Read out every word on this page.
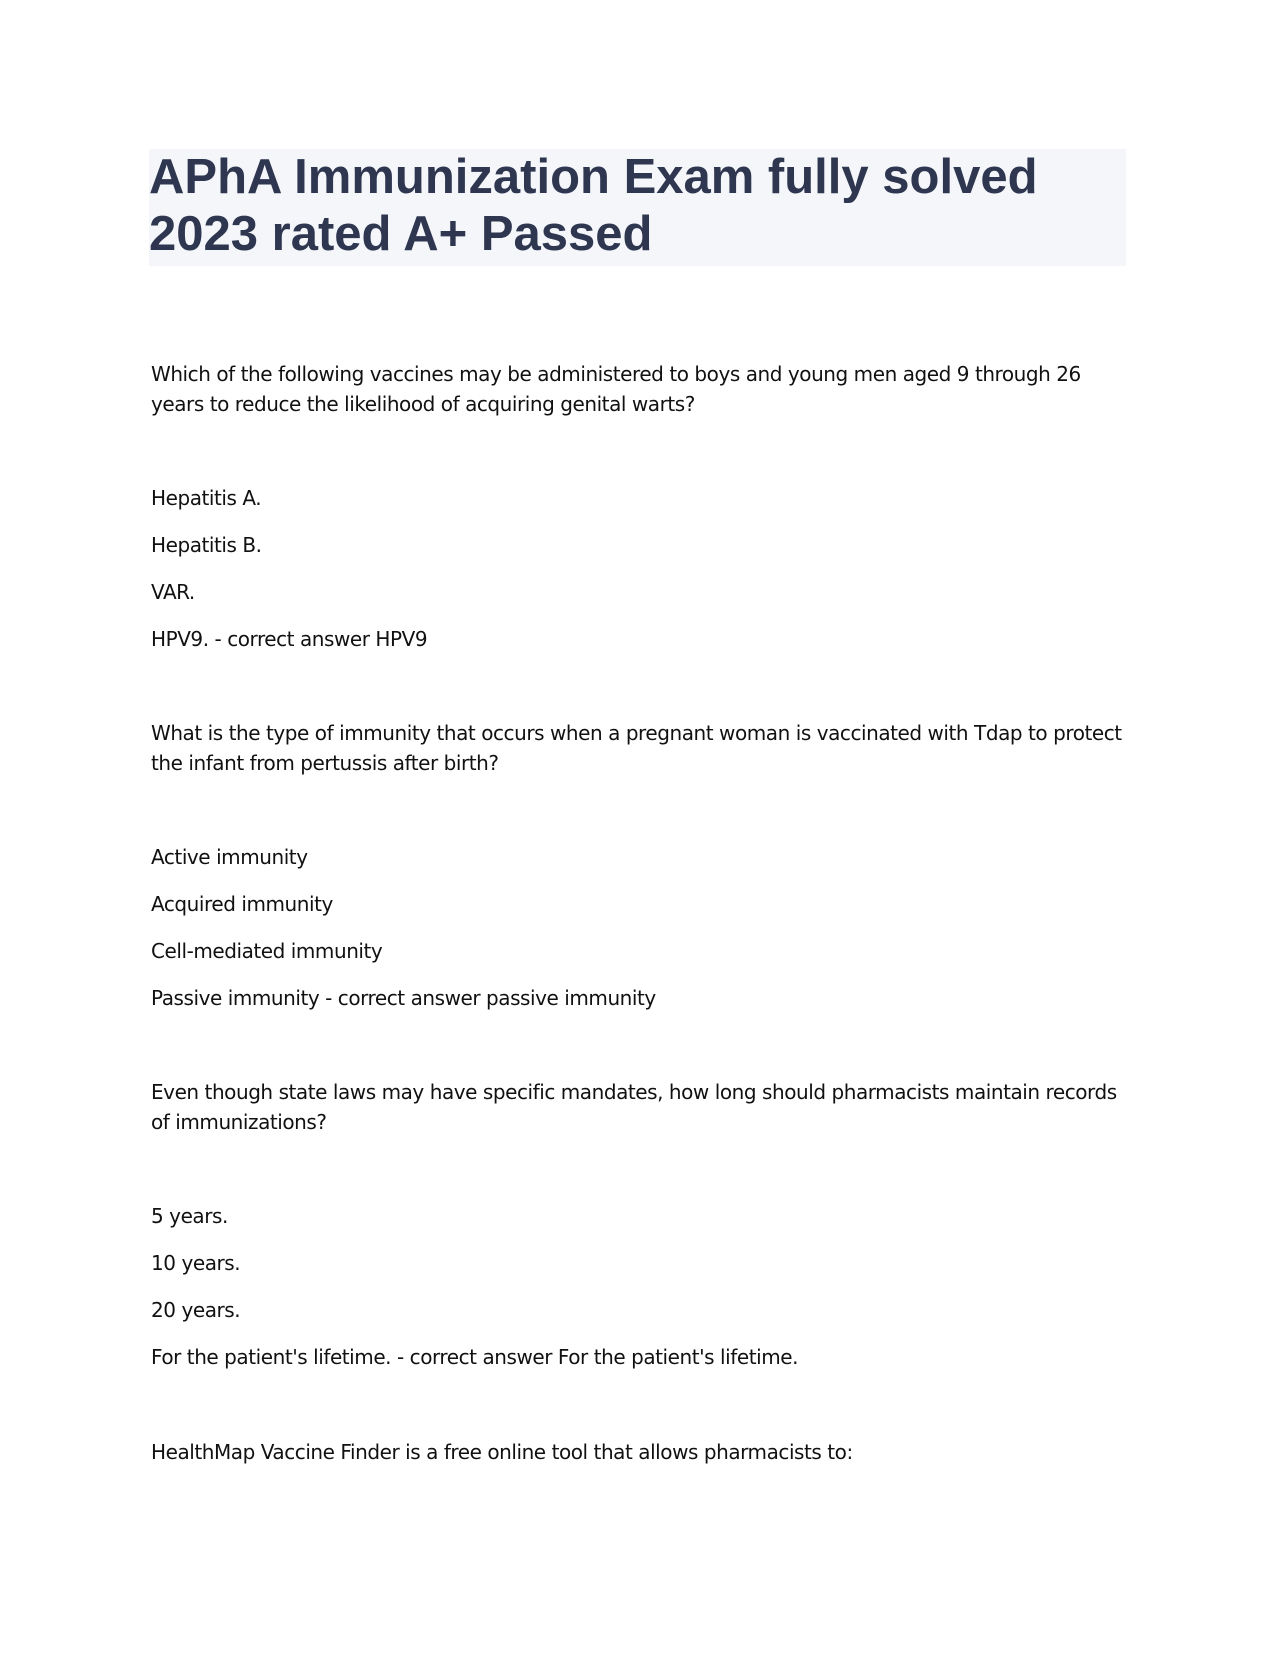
APhA Immunization Exam fully solved
2023 rated A+ Passed

Which of the following vaccines may be administered to boys and young men aged 9 through 26 years to reduce the likelihood of acquiring genital warts?

Hepatitis A.

Hepatitis B.

VAR.

HPV9. - correct answer HPV9

What is the type of immunity that occurs when a pregnant woman is vaccinated with Tdap to protect the infant from pertussis after birth?

Active immunity

Acquired immunity

Cell-mediated immunity

Passive immunity - correct answer passive immunity

Even though state laws may have specific mandates, how long should pharmacists maintain records of immunizations?

5 years.

10 years.

20 years.

For the patient's lifetime. - correct answer For the patient's lifetime.

HealthMap Vaccine Finder is a free online tool that allows pharmacists to:
